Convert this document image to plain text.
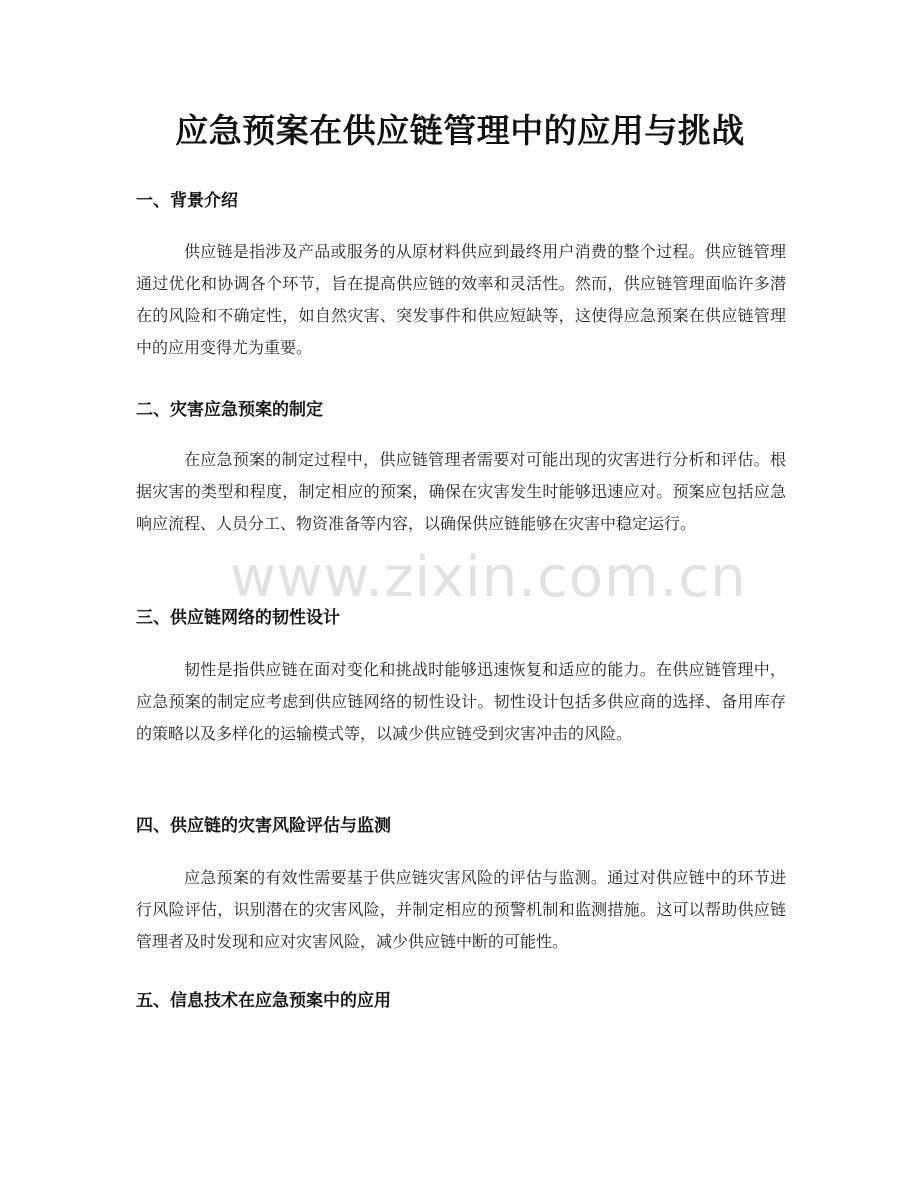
应急预案在供应链管理中的应用与挑战
一、背景介绍

供应链是指涉及产品或服务的从原材料供应到最终用户消费的整个过程。供应链管理通过优化和协调各个环节，旨在提高供应链的效率和灵活性。然而，供应链管理面临许多潜在的风险和不确定性，如自然灾害、突发事件和供应短缺等，这使得应急预案在供应链管理中的应用变得尤为重要。

二、灾害应急预案的制定

在应急预案的制定过程中，供应链管理者需要对可能出现的灾害进行分析和评估。根据灾害的类型和程度，制定相应的预案，确保在灾害发生时能够迅速应对。预案应包括应急响应流程、人员分工、物资准备等内容，以确保供应链能够在灾害中稳定运行。

三、供应链网络的韧性设计

韧性是指供应链在面对变化和挑战时能够迅速恢复和适应的能力。在供应链管理中，应急预案的制定应考虑到供应链网络的韧性设计。韧性设计包括多供应商的选择、备用库存的策略以及多样化的运输模式等，以减少供应链受到灾害冲击的风险。

四、供应链的灾害风险评估与监测

应急预案的有效性需要基于供应链灾害风险的评估与监测。通过对供应链中的环节进行风险评估，识别潜在的灾害风险，并制定相应的预警机制和监测措施。这可以帮助供应链管理者及时发现和应对灾害风险，减少供应链中断的可能性。

五、信息技术在应急预案中的应用
www.zixin.com.cn
